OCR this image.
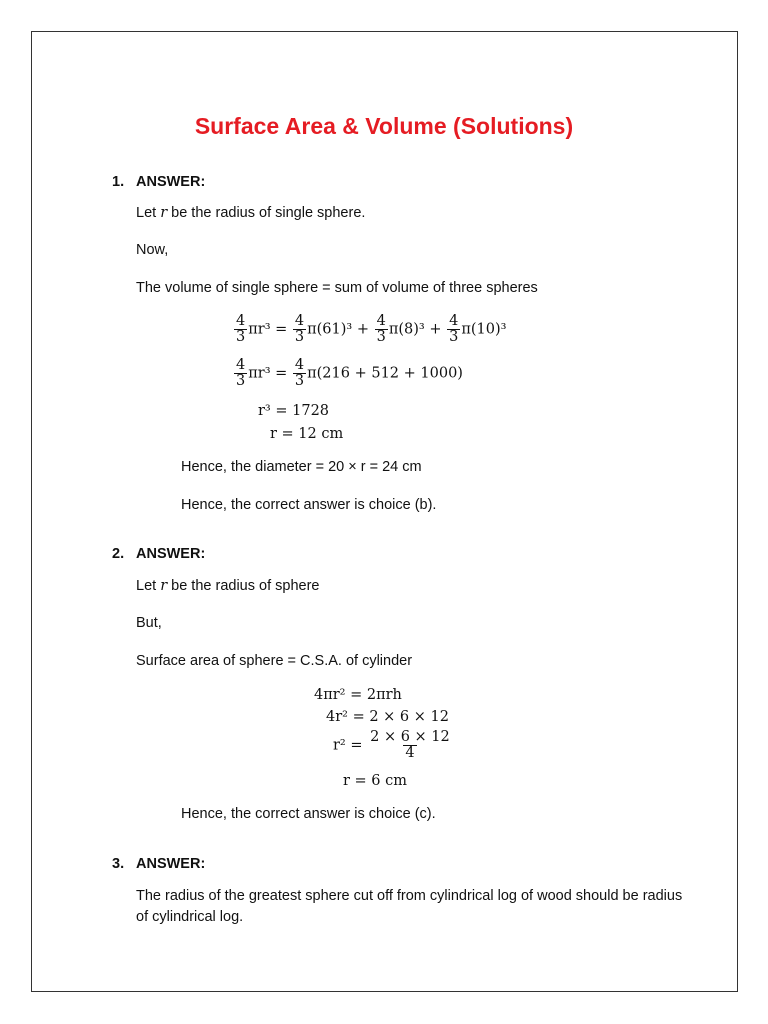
Surface Area & Volume (Solutions)
1. ANSWER:
Let r be the radius of single sphere.
Now,
The volume of single sphere = sum of volume of three spheres
$\frac{4}{3} \pi r^3 = \frac{4}{3} \pi(61)^3 + \frac{4}{3} \pi(8)^3 + \frac{4}{3} \pi(10)^3$
$\frac{4}{3} \pi r^3 = \frac{4}{3} \pi(216 + 512 + 1000)$
r³ = 1728
r = 12 cm
Hence, the diameter = 20 × r = 24 cm
Hence, the correct answer is choice (b).
2. ANSWER:
Let r be the radius of sphere
But,
Surface area of sphere = C.S.A. of cylinder
4πr² = 2πrh
4r² = 2 × 6 × 12
$r^2 = \frac{2 \times 6 \times 12}{4}$
r = 6 cm
Hence, the correct answer is choice (c).
3. ANSWER:
The radius of the greatest sphere cut off from cylindrical log of wood should be radius of cylindrical log.
